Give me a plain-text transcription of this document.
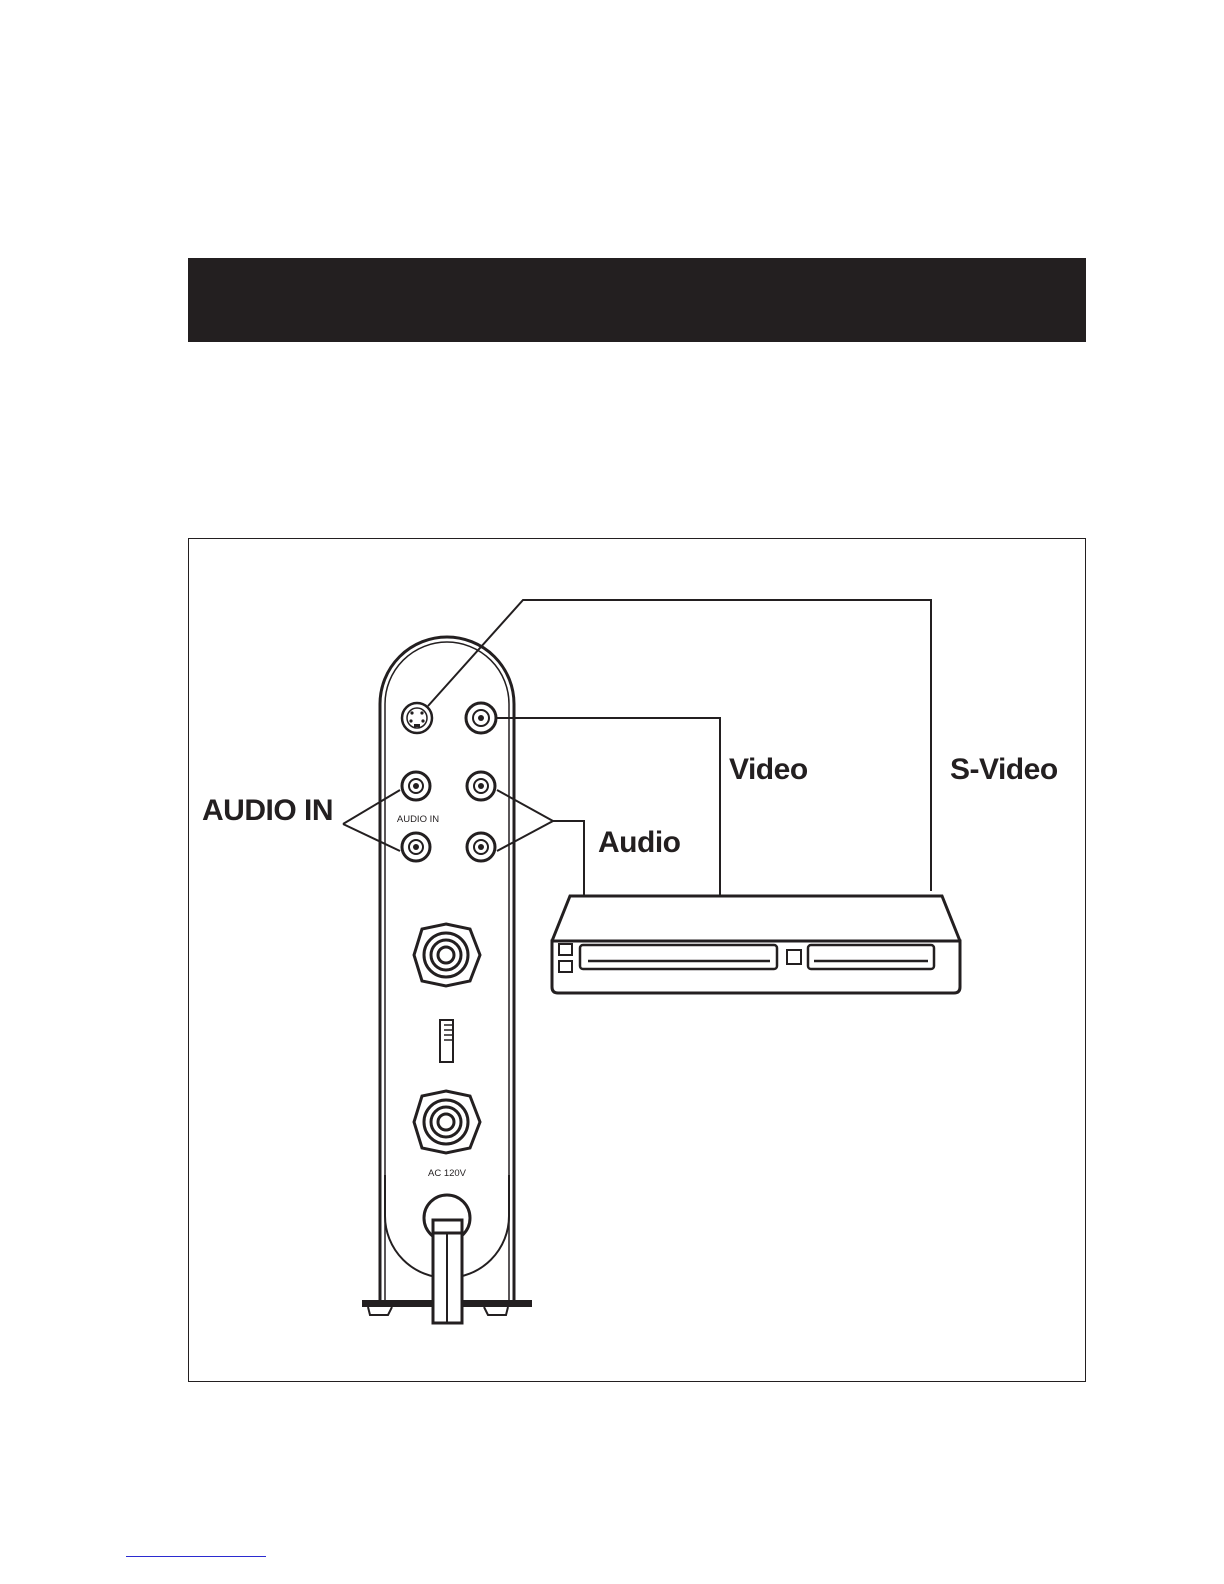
AUDIO IN
AC 120V
AUDIO IN
Video	S-Video
Audio
